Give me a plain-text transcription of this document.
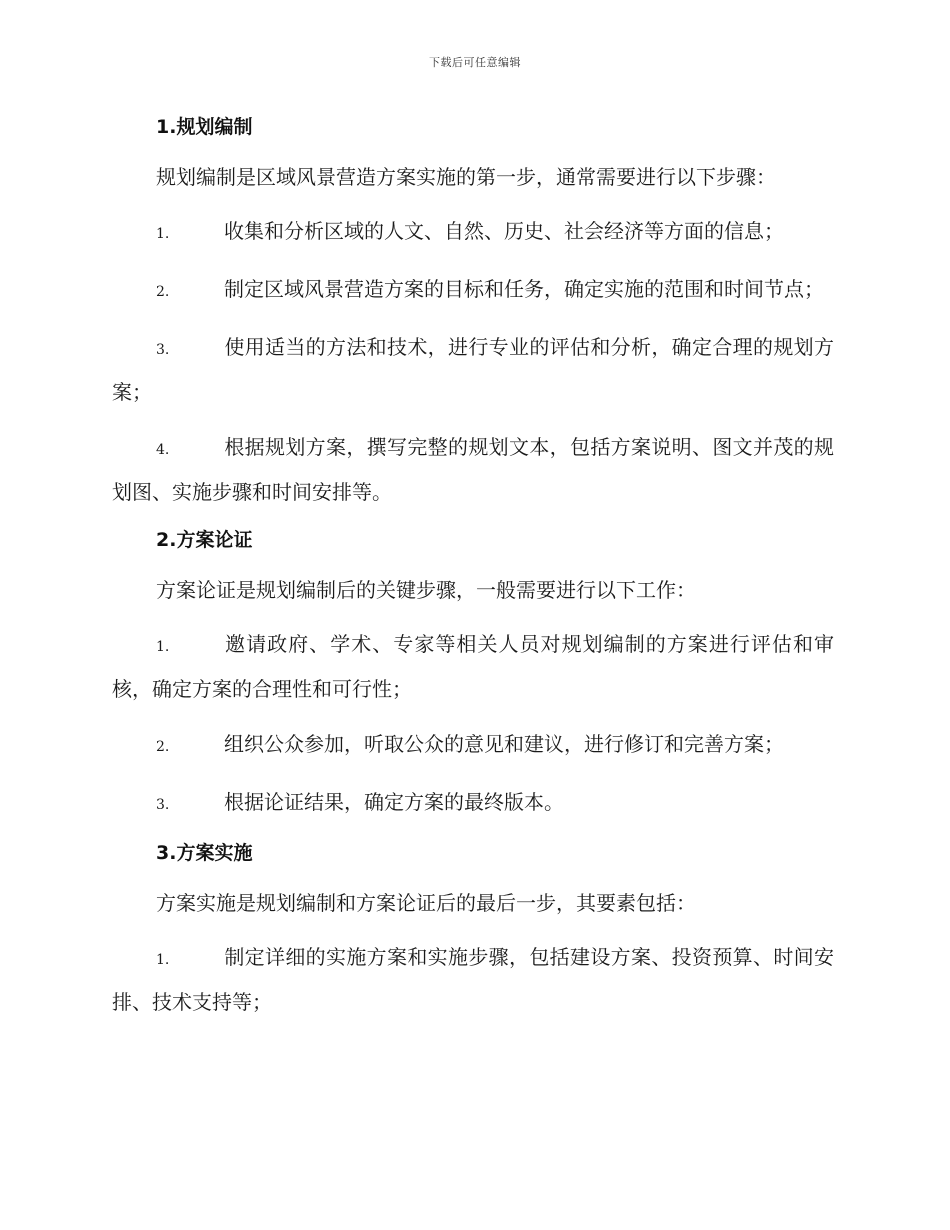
下载后可任意编辑
1.规划编制

规划编制是区域风景营造方案实施的第一步，通常需要进行以下步骤：

1.	收集和分析区域的人文、自然、历史、社会经济等方面的信息；

2.	制定区域风景营造方案的目标和任务，确定实施的范围和时间节点；

3.	使用适当的方法和技术，进行专业的评估和分析，确定合理的规划方案；

4.	根据规划方案，撰写完整的规划文本，包括方案说明、图文并茂的规划图、实施步骤和时间安排等。

2.方案论证

方案论证是规划编制后的关键步骤，一般需要进行以下工作：

1.	邀请政府、学术、专家等相关人员对规划编制的方案进行评估和审核，确定方案的合理性和可行性；

2.	组织公众参加，听取公众的意见和建议，进行修订和完善方案；

3.	根据论证结果，确定方案的最终版本。

3.方案实施

方案实施是规划编制和方案论证后的最后一步，其要素包括：

1.	制定详细的实施方案和实施步骤，包括建设方案、投资预算、时间安排、技术支持等；
